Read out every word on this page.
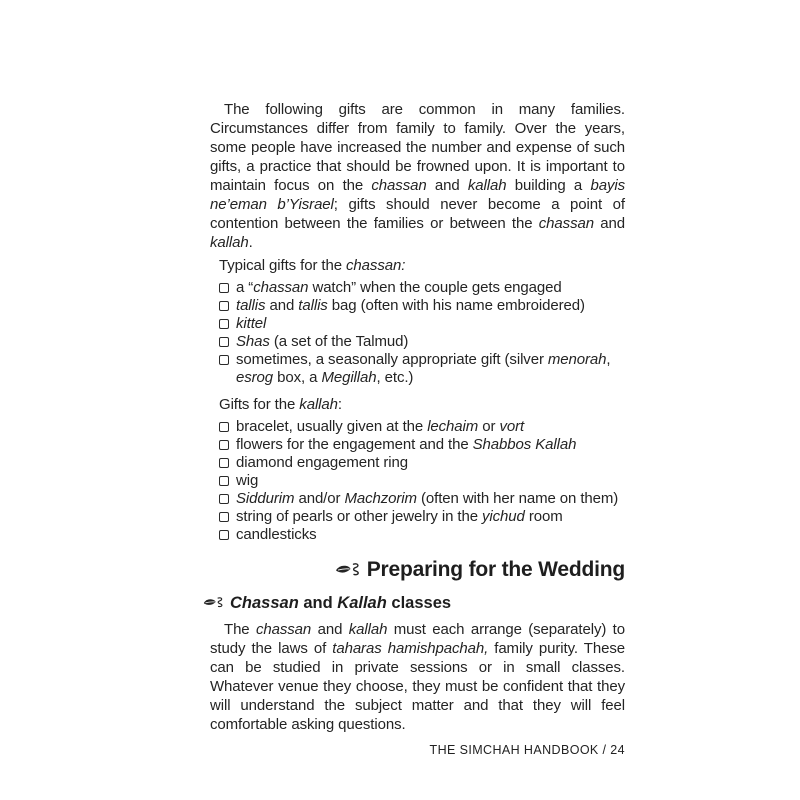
The following gifts are common in many families. Circumstances differ from family to family. Over the years, some people have increased the number and expense of such gifts, a practice that should be frowned upon. It is important to maintain focus on the chassan and kallah building a bayis ne’eman b’Yisrael; gifts should never become a point of contention between the families or between the chassan and kallah.

Typical gifts for the chassan:

a “chassan watch” when the couple gets engaged
tallis and tallis bag (often with his name embroidered)
kittel
Shas (a set of the Talmud)
sometimes, a seasonally appropriate gift (silver menorah, esrog box, a Megillah, etc.)

Gifts for the kallah:

bracelet, usually given at the lechaim or vort
flowers for the engagement and the Shabbos Kallah
diamond engagement ring
wig
Siddurim and/or Machzorim (often with her name on them)
string of pearls or other jewelry in the yichud room
candlesticks
Preparing for the Wedding
Chassan and Kallah classes

The chassan and kallah must each arrange (separately) to study the laws of taharas hamishpachah, family purity. These can be studied in private sessions or in small classes. Whatever venue they choose, they must be confident that they will understand the subject matter and that they will feel comfortable asking questions.

THE SIMCHAH HANDBOOK / 24
